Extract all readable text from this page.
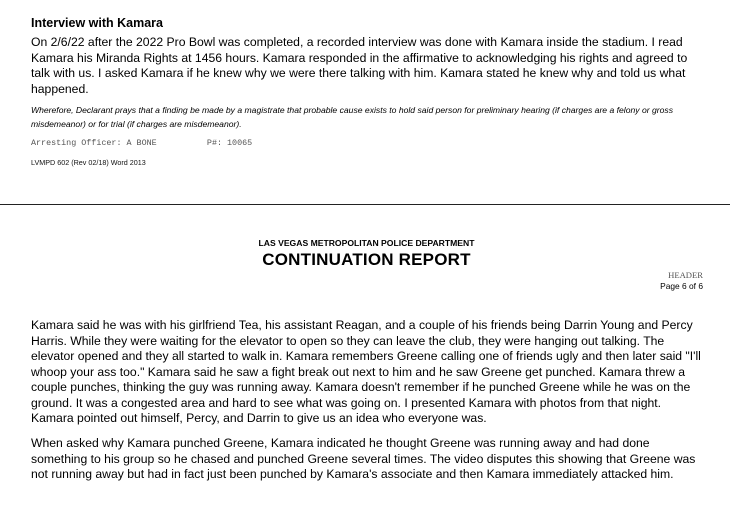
Interview with Kamara

On 2/6/22 after the 2022 Pro Bowl was completed, a recorded interview was done with Kamara inside the stadium. I read Kamara his Miranda Rights at 1456 hours. Kamara responded in the affirmative to acknowledging his rights and agreed to talk with us. I asked Kamara if he knew why we were there talking with him. Kamara stated he knew why and told us what happened.

Wherefore, Declarant prays that a finding be made by a magistrate that probable cause exists to hold said person for preliminary hearing (if charges are a felony or gross misdemeanor) or for trial (if charges are misdemeanor).

Arresting Officer: A BONE	P#: 10065
LVMPD 602 (Rev 02/18) Word 2013
LAS VEGAS METROPOLITAN POLICE DEPARTMENT
CONTINUATION REPORT
HEADER
Page 6 of 6

Kamara said he was with his girlfriend Tea, his assistant Reagan, and a couple of his friends being Darrin Young and Percy Harris. While they were waiting for the elevator to open so they can leave the club, they were hanging out talking. The elevator opened and they all started to walk in. Kamara remembers Greene calling one of friends ugly and then later said "I'll whoop your ass too." Kamara said he saw a fight break out next to him and he saw Greene get punched. Kamara threw a couple punches, thinking the guy was running away. Kamara doesn't remember if he punched Greene while he was on the ground. It was a congested area and hard to see what was going on. I presented Kamara with photos from that night. Kamara pointed out himself, Percy, and Darrin to give us an idea who everyone was.

When asked why Kamara punched Greene, Kamara indicated he thought Greene was running away and had done something to his group so he chased and punched Greene several times. The video disputes this showing that Greene was not running away but had in fact just been punched by Kamara's associate and then Kamara immediately attacked him.
